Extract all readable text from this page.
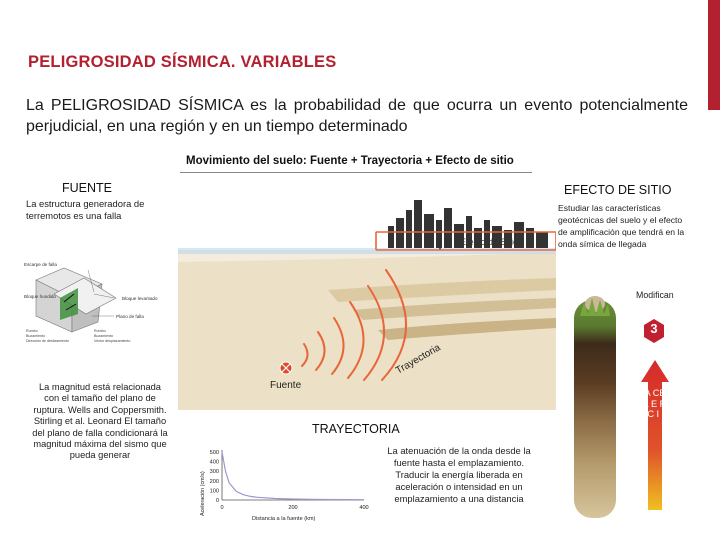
PELIGROSIDAD SÍSMICA. VARIABLES
La PELIGROSIDAD SÍSMICA es la probabilidad de que ocurra un evento potencialmente perjudicial, en una región y en un tiempo determinado
Movimiento del suelo: Fuente + Trayectoria + Efecto de sitio
FUENTE	EFECTO DE SITIO
La estructura generadora de terremotos es una falla
Escarpe de falla
Bloque levantado
Plano de falla
Bloque hundido
Rumbo
Buzamiento
Dirección de deslizamiento
Rumbo
Buzamiento
Vector desplazamiento
Estudiar las características geotécnicas del suelo y el efecto de amplificación que tendrá en la onda símica de llegada
Modifican
3
Efecto de Sitio
Fuente
Trayectoria
A CE L E R AC I Ó
La magnitud está relacionada con el tamaño del plano de ruptura. Wells and Coppersmith. Stirling et al. Leonard El tamaño del plano de falla condicionará la magnitud máxima del sismo que pueda generar
TRAYECTORIA
0
100
200
300
400
500
0	200	400
Aceleración (cm/s)
Distancia a la fuente (km)
La atenuación de la onda desde la fuente hasta el emplazamiento. Traducir la energía liberada en aceleración o intensidad en un emplazamiento a una distancia
